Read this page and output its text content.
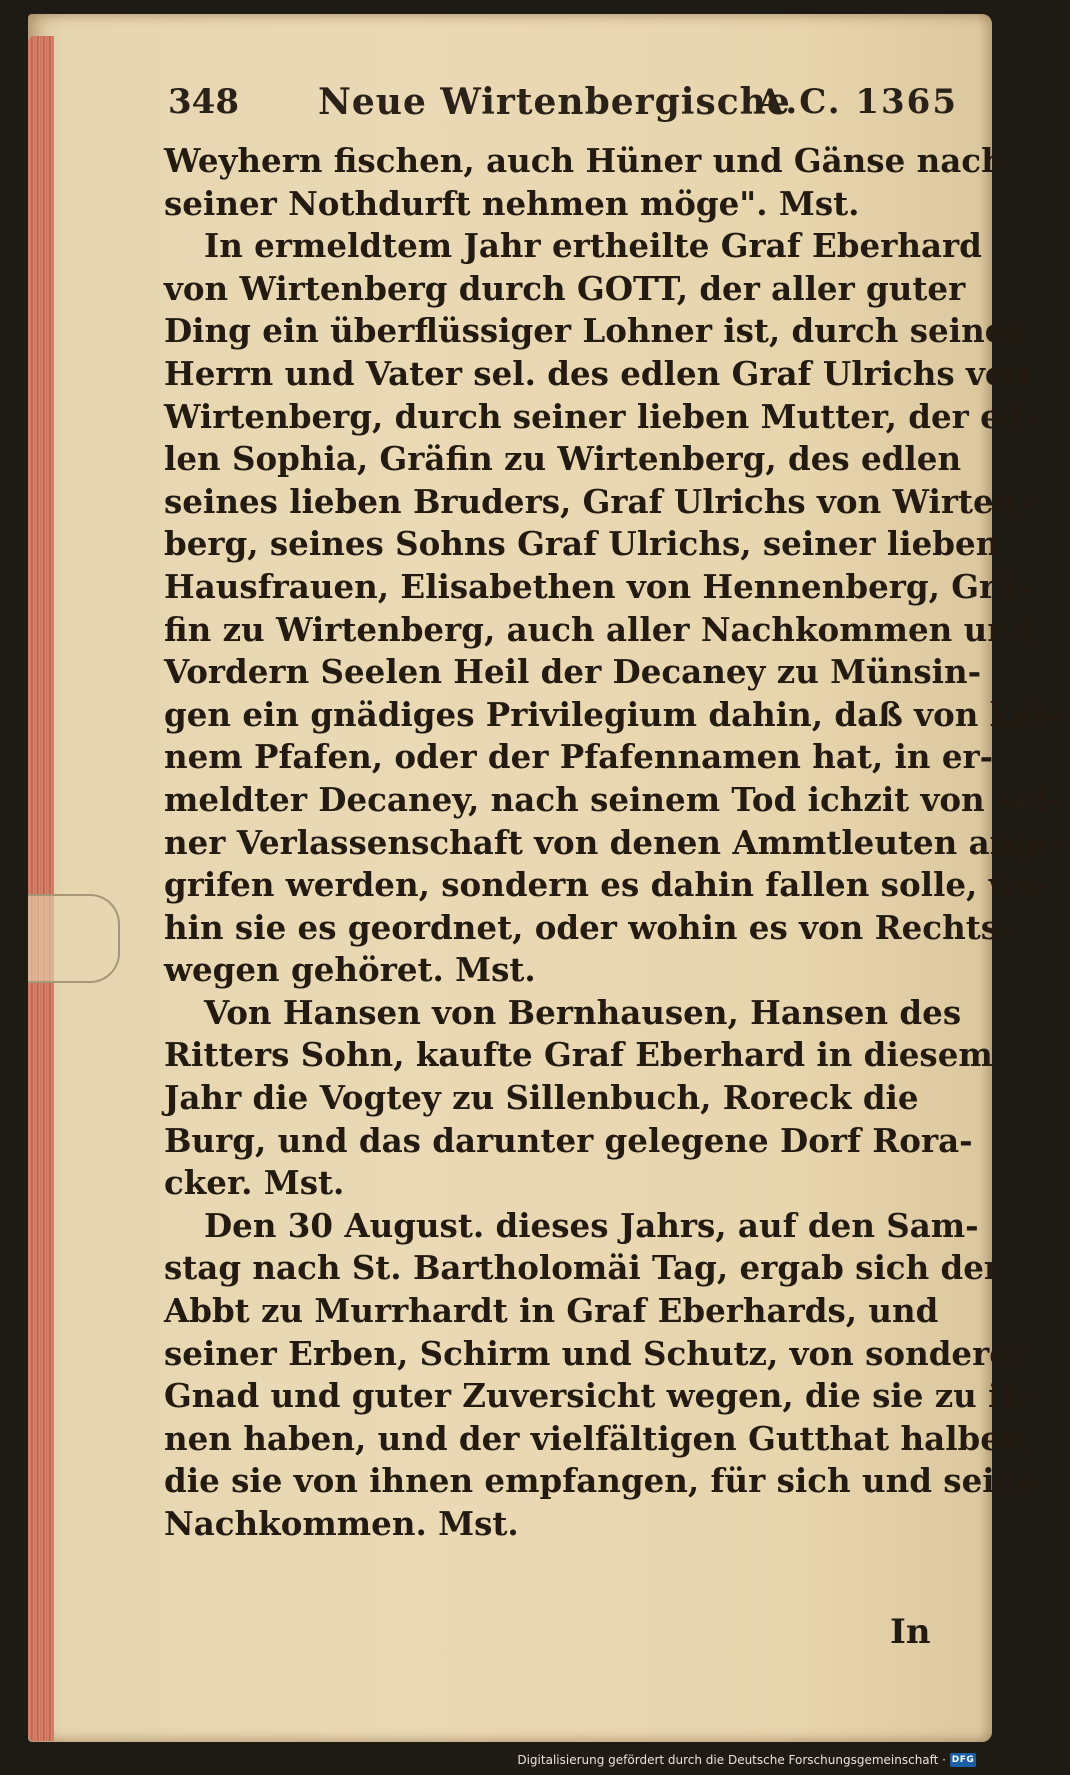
348 Neue Wirtenbergische
A.C. 1365
Weyhern fischen, auch Hüner und Gänse nach
seiner Nothdurft nehmen möge". Mst.
In ermeldtem Jahr ertheilte Graf Eberhard
von Wirtenberg durch GOTT, der aller guter
Ding ein überflüssiger Lohner ist, durch seines
Herrn und Vater sel. des edlen Graf Ulrichs von
Wirtenberg, durch seiner lieben Mutter, der ed-
len Sophia, Gräfin zu Wirtenberg, des edlen
seines lieben Bruders, Graf Ulrichs von Wirten-
berg, seines Sohns Graf Ulrichs, seiner lieben
Hausfrauen, Elisabethen von Hennenberg, Grä-
fin zu Wirtenberg, auch aller Nachkommen und
Vordern Seelen Heil der Decaney zu Münsin-
gen ein gnädiges Privilegium dahin, daß von kei-
nem Pfafen, oder der Pfafennamen hat, in er-
meldter Decaney, nach seinem Tod ichzit von sei-
ner Verlassenschaft von denen Ammtleuten ange-
grifen werden, sondern es dahin fallen solle, wo-
hin sie es geordnet, oder wohin es von Rechts-
wegen gehöret. Mst.
Von Hansen von Bernhausen, Hansen des
Ritters Sohn, kaufte Graf Eberhard in diesem
Jahr die Vogtey zu Sillenbuch, Roreck die
Burg, und das darunter gelegene Dorf Rora-
cker. Mst.
Den 30 August. dieses Jahrs, auf den Sam-
stag nach St. Bartholomäi Tag, ergab sich der
Abbt zu Murrhardt in Graf Eberhards, und
seiner Erben, Schirm und Schutz, von sonderer
Gnad und guter Zuversicht wegen, die sie zu ih-
nen haben, und der vielfältigen Gutthat halben,
die sie von ihnen empfangen, für sich und seine
Nachkommen. Mst.
In
Digitalisierung gefördert durch die Deutsche Forschungsgemeinschaft · DFG
